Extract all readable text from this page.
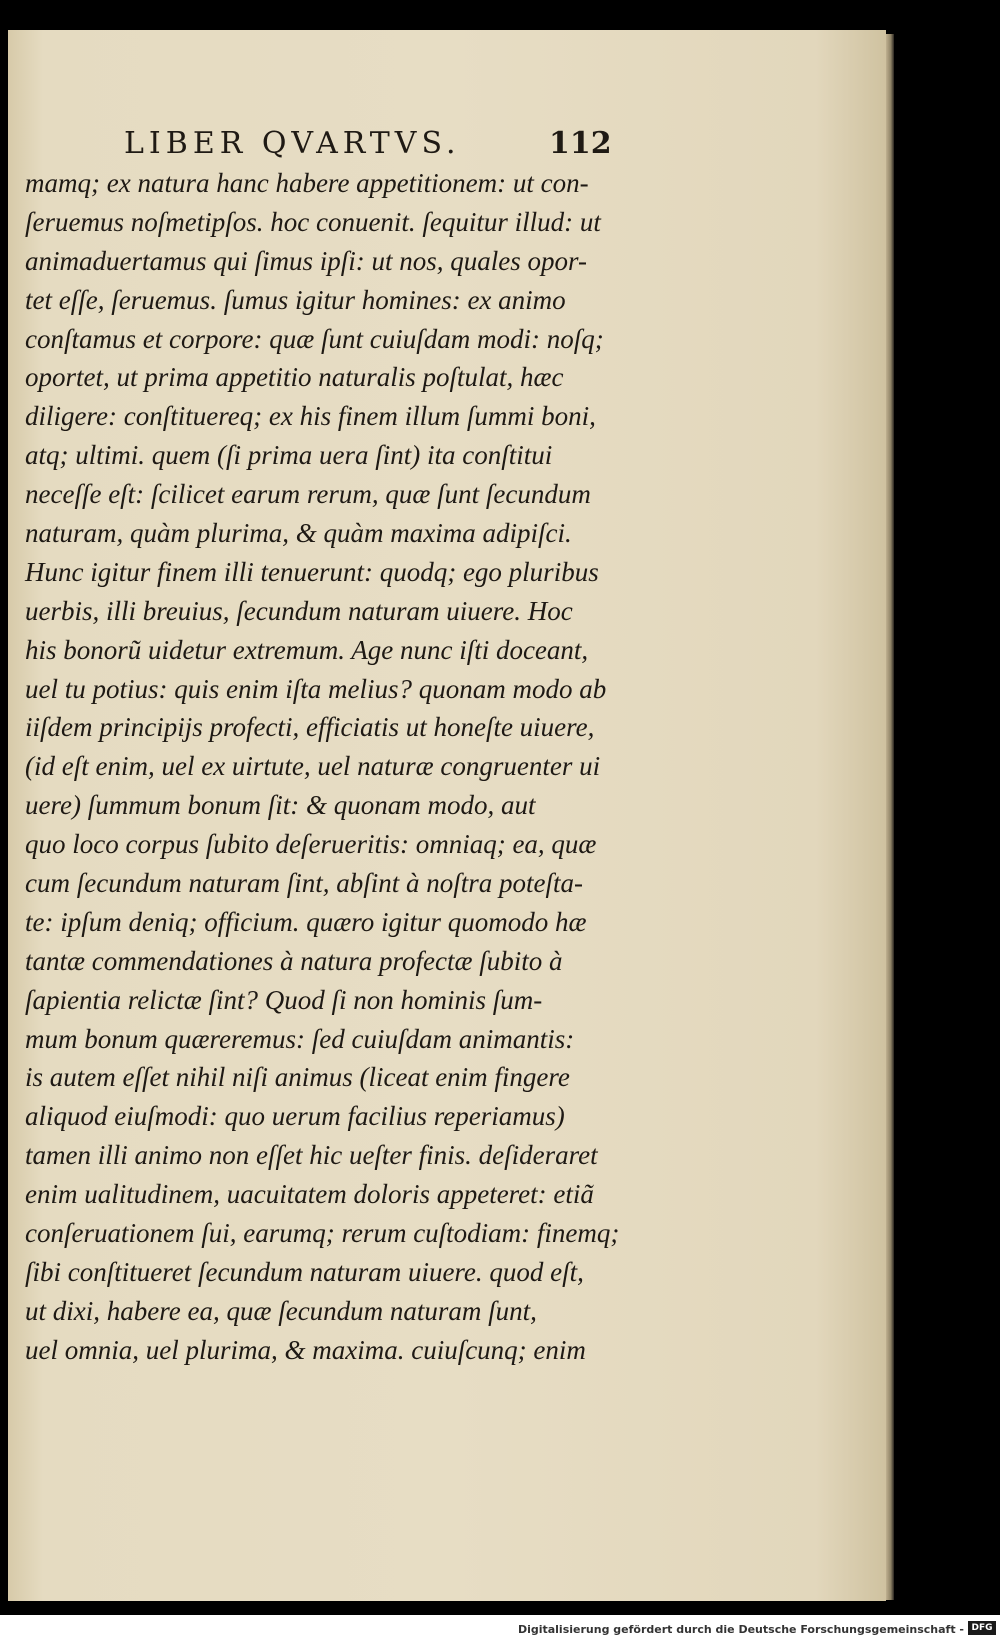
LIBER QVARTVS.	112
mamq; ex natura hanc habere appetitionem: ut con-
ſeruemus noſmetipſos. hoc conuenit. ſequitur illud: ut
animaduertamus qui ſimus ipſi: ut nos, quales opor-
tet eſſe, ſeruemus. ſumus igitur homines: ex animo
conſtamus et corpore: quæ ſunt cuiuſdam modi: noſq;
oportet, ut prima appetitio naturalis poſtulat, hæc
diligere: conſtituereq; ex his finem illum ſummi boni,
atq; ultimi. quem (ſi prima uera ſint) ita conſtitui
neceſſe eſt: ſcilicet earum rerum, quæ ſunt ſecundum
naturam, quàm plurima, & quàm maxima adipiſci.
Hunc igitur finem illi tenuerunt: quodq; ego pluribus
uerbis, illi breuius, ſecundum naturam uiuere. Hoc
his bonorũ uidetur extremum. Age nunc iſti doceant,
uel tu potius: quis enim iſta melius? quonam modo ab
iiſdem principijs profecti, efficiatis ut honeſte uiuere,
(id eſt enim, uel ex uirtute, uel naturæ congruenter ui
uere) ſummum bonum ſit: & quonam modo, aut
quo loco corpus ſubito deſerueritis: omniaq; ea, quæ
cum ſecundum naturam ſint, abſint à noſtra poteſta-
te: ipſum deniq; officium. quæro igitur quomodo hæ
tantæ commendationes à natura profectæ ſubito à
ſapientia relictæ ſint? Quod ſi non hominis ſum-
mum bonum quæreremus: ſed cuiuſdam animantis:
is autem eſſet nihil niſi animus (liceat enim fingere
aliquod eiuſmodi: quo uerum facilius reperiamus)
tamen illi animo non eſſet hic ueſter finis. deſideraret
enim ualitudinem, uacuitatem doloris appeteret: etiã
conſeruationem ſui, earumq; rerum cuſtodiam: finemq;
ſibi conſtitueret ſecundum naturam uiuere. quod eſt,
ut dixi, habere ea, quæ ſecundum naturam ſunt,
uel omnia, uel plurima, & maxima. cuiuſcunq; enim
Digitalisierung gefördert durch die Deutsche Forschungsgemeinschaft - DFG
